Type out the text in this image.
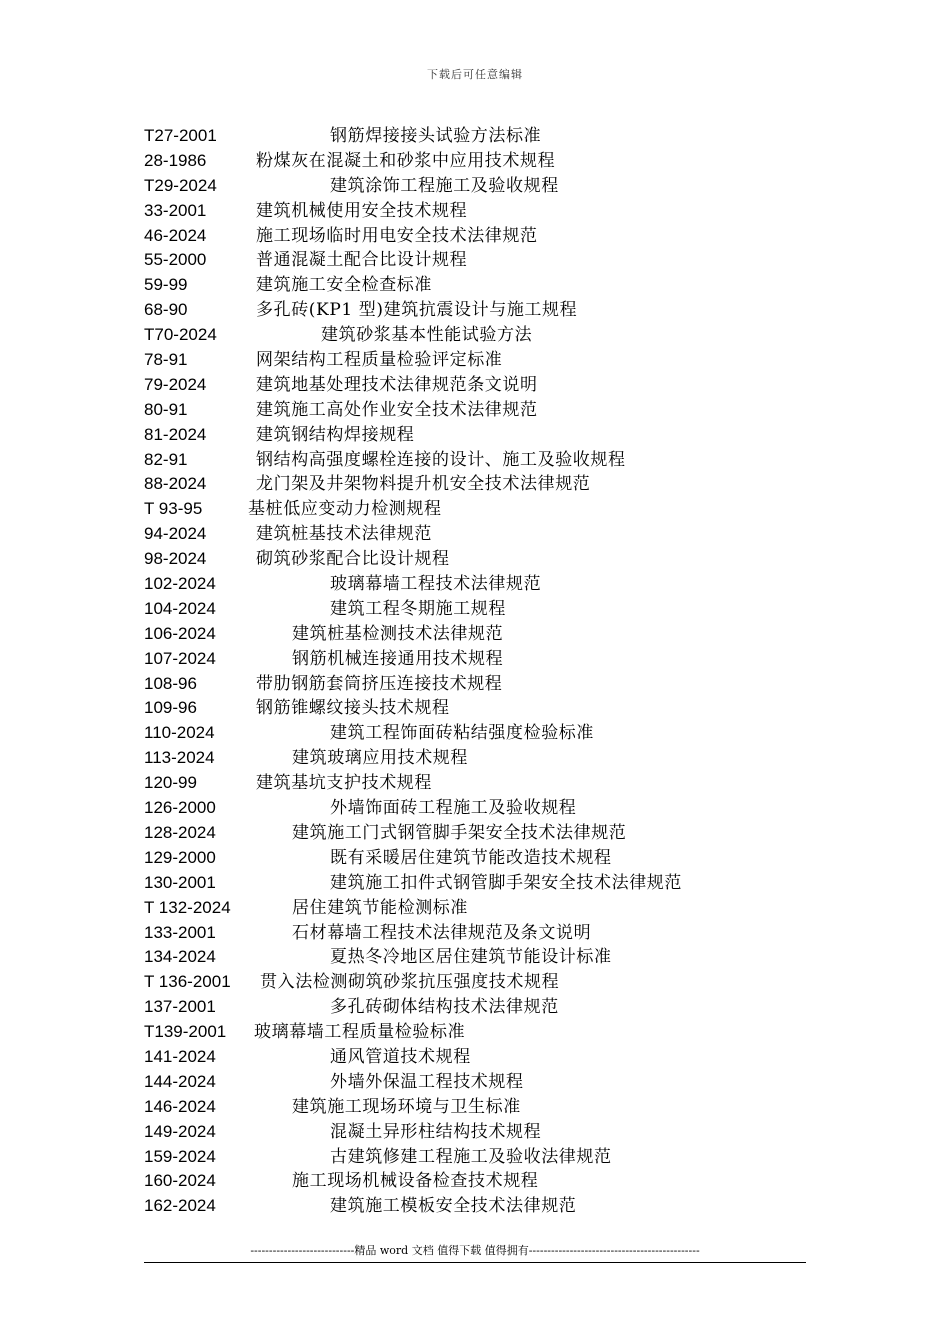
下载后可任意编辑
T27-2001	钢筋焊接接头试验方法标准
28-1986	粉煤灰在混凝土和砂浆中应用技术规程
T29-2024	建筑涂饰工程施工及验收规程
33-2001	建筑机械使用安全技术规程
46-2024	施工现场临时用电安全技术法律规范
55-2000	普通混凝土配合比设计规程
59-99	建筑施工安全检查标准
68-90	多孔砖(KP1 型)建筑抗震设计与施工规程
T70-2024	建筑砂浆基本性能试验方法
78-91	网架结构工程质量检验评定标准
79-2024	建筑地基处理技术法律规范条文说明
80-91	建筑施工高处作业安全技术法律规范
81-2024	建筑钢结构焊接规程
82-91	钢结构高强度螺栓连接的设计、施工及验收规程
88-2024	龙门架及井架物料提升机安全技术法律规范
T 93-95	基桩低应变动力检测规程
94-2024	建筑桩基技术法律规范
98-2024	砌筑砂浆配合比设计规程
102-2024	玻璃幕墙工程技术法律规范
104-2024	建筑工程冬期施工规程
106-2024	建筑桩基检测技术法律规范
107-2024	钢筋机械连接通用技术规程
108-96	带肋钢筋套筒挤压连接技术规程
109-96	钢筋锥螺纹接头技术规程
110-2024	建筑工程饰面砖粘结强度检验标准
113-2024	建筑玻璃应用技术规程
120-99	建筑基坑支护技术规程
126-2000	外墙饰面砖工程施工及验收规程
128-2024	建筑施工门式钢管脚手架安全技术法律规范
129-2000	既有采暖居住建筑节能改造技术规程
130-2001	建筑施工扣件式钢管脚手架安全技术法律规范
T 132-2024	居住建筑节能检测标准
133-2001	石材幕墙工程技术法律规范及条文说明
134-2024	夏热冬冷地区居住建筑节能设计标准
T 136-2001 贯入法检测砌筑砂浆抗压强度技术规程
137-2001	多孔砖砌体结构技术法律规范
T139-2001 玻璃幕墙工程质量检验标准
141-2024	通风管道技术规程
144-2024	外墙外保温工程技术规程
146-2024	建筑施工现场环境与卫生标准
149-2024	混凝土异形柱结构技术规程
159-2024	古建筑修建工程施工及验收法律规范
160-2024	施工现场机械设备检查技术规程
162-2024	建筑施工模板安全技术法律规范
----------------------------精品 word 文档 值得下载 值得拥有----------------------------------------------
